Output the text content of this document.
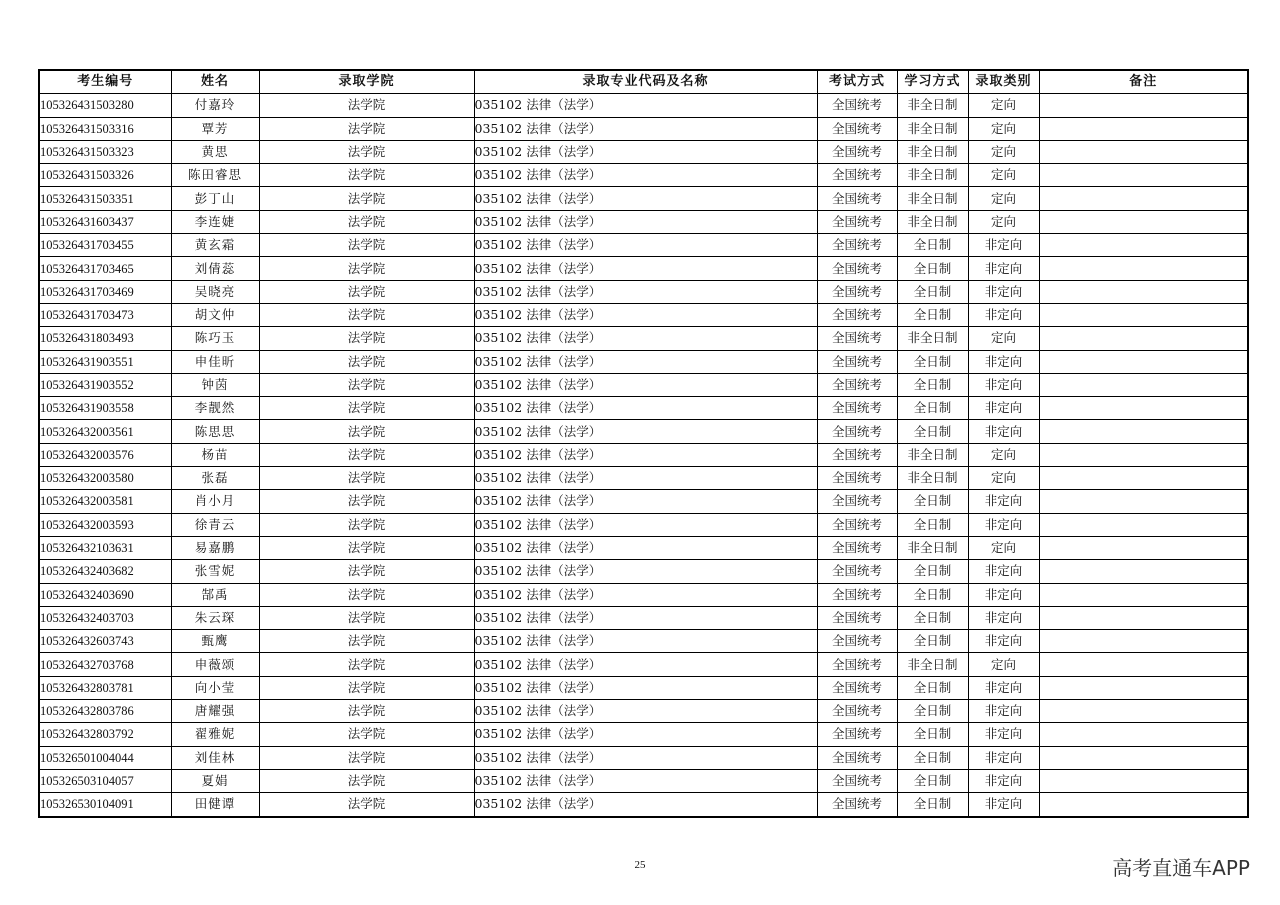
考生编号	姓名	录取学院	录取专业代码及名称	考试方式	学习方式	录取类别	备注
105326431503280	付嘉玲	法学院	035102 法律（法学）	全国统考	非全日制	定向	
105326431503316	覃芳	法学院	035102 法律（法学）	全国统考	非全日制	定向	
105326431503323	黄思	法学院	035102 法律（法学）	全国统考	非全日制	定向	
105326431503326	陈田睿思	法学院	035102 法律（法学）	全国统考	非全日制	定向	
105326431503351	彭丁山	法学院	035102 法律（法学）	全国统考	非全日制	定向	
105326431603437	李连婕	法学院	035102 法律（法学）	全国统考	非全日制	定向	
105326431703455	黄玄霜	法学院	035102 法律（法学）	全国统考	全日制	非定向	
105326431703465	刘倩蕊	法学院	035102 法律（法学）	全国统考	全日制	非定向	
105326431703469	吴晓亮	法学院	035102 法律（法学）	全国统考	全日制	非定向	
105326431703473	胡文仲	法学院	035102 法律（法学）	全国统考	全日制	非定向	
105326431803493	陈巧玉	法学院	035102 法律（法学）	全国统考	非全日制	定向	
105326431903551	申佳昕	法学院	035102 法律（法学）	全国统考	全日制	非定向	
105326431903552	钟茵	法学院	035102 法律（法学）	全国统考	全日制	非定向	
105326431903558	李靓然	法学院	035102 法律（法学）	全国统考	全日制	非定向	
105326432003561	陈思思	法学院	035102 法律（法学）	全国统考	全日制	非定向	
105326432003576	杨苗	法学院	035102 法律（法学）	全国统考	非全日制	定向	
105326432003580	张磊	法学院	035102 法律（法学）	全国统考	非全日制	定向	
105326432003581	肖小月	法学院	035102 法律（法学）	全国统考	全日制	非定向	
105326432003593	徐青云	法学院	035102 法律（法学）	全国统考	全日制	非定向	
105326432103631	易嘉鹏	法学院	035102 法律（法学）	全国统考	非全日制	定向	
105326432403682	张雪妮	法学院	035102 法律（法学）	全国统考	全日制	非定向	
105326432403690	郜禹	法学院	035102 法律（法学）	全国统考	全日制	非定向	
105326432403703	朱云琛	法学院	035102 法律（法学）	全国统考	全日制	非定向	
105326432603743	甄鹰	法学院	035102 法律（法学）	全国统考	全日制	非定向	
105326432703768	申薇颂	法学院	035102 法律（法学）	全国统考	非全日制	定向	
105326432803781	向小莹	法学院	035102 法律（法学）	全国统考	全日制	非定向	
105326432803786	唐耀强	法学院	035102 法律（法学）	全国统考	全日制	非定向	
105326432803792	翟雅妮	法学院	035102 法律（法学）	全国统考	全日制	非定向	
105326501004044	刘佳林	法学院	035102 法律（法学）	全国统考	全日制	非定向	
105326503104057	夏娟	法学院	035102 法律（法学）	全国统考	全日制	非定向	
105326530104091	田健谭	法学院	035102 法律（法学）	全国统考	全日制	非定向	
25	高考直通车APP
